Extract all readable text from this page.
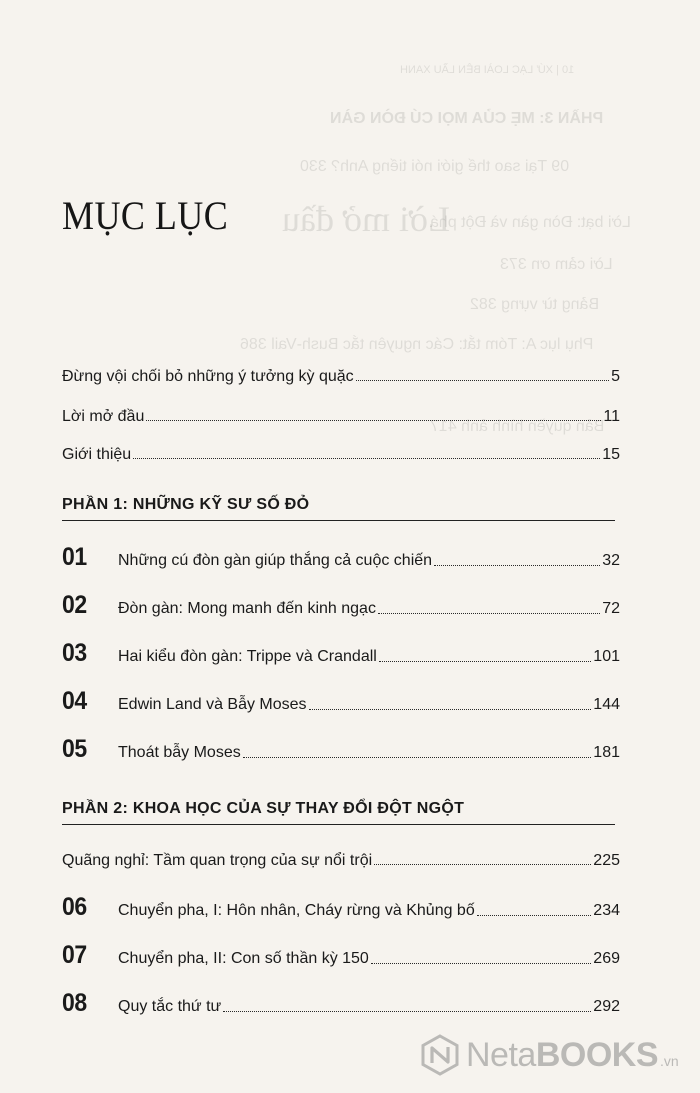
10 | XỨ LẠC LOÀI BÊN LẦU XANH
PHẦN 3: MẸ CỦA MỌI CÚ ĐÒN GÀN
Lời mở đầu
09 Tại sao thế giới nói tiếng Anh? 330
Lời bạt: Đòn gàn và Đột phá
Lời cảm ơn 373
Bảng từ vựng 382
Phụ lục A: Tóm tắt: Các nguyên tắc Bush-Vail 386
Bản quyền hình ảnh 417
MỤC LỤC
Đừng vội chối bỏ những ý tưởng kỳ quặc	5
Lời mở đầu	11
Giới thiệu	15
PHẦN 1: NHỮNG KỸ SƯ SỐ ĐỎ
01	Những cú đòn gàn giúp thắng cả cuộc chiến	32
02	Đòn gàn: Mong manh đến kinh ngạc	72
03	Hai kiểu đòn gàn: Trippe và Crandall	101
04	Edwin Land và Bẫy Moses	144
05	Thoát bẫy Moses	181
PHẦN 2: KHOA HỌC CỦA SỰ THAY ĐỔI ĐỘT NGỘT
Quãng nghỉ: Tầm quan trọng của sự nổi trội	225
06	Chuyển pha, I: Hôn nhân, Cháy rừng và Khủng bố	234
07	Chuyển pha, II: Con số thần kỳ 150	269
08	Quy tắc thứ tư	292
NetaBOOKS .vn
